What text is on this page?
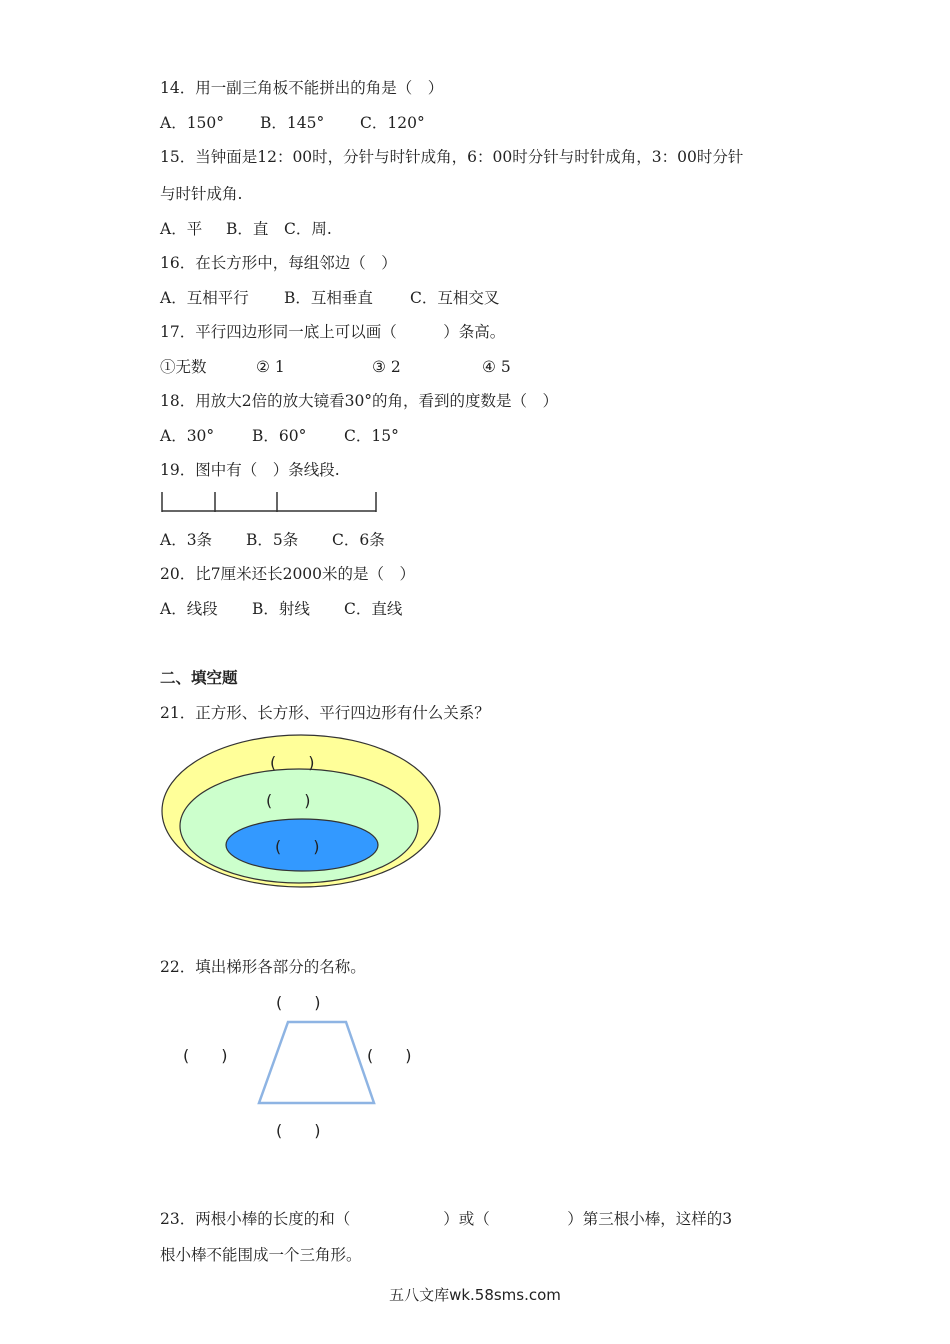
14．用一副三角板不能拼出的角是（　）
A．150° B．145° C．120°
15．当钟面是12：00时，分针与时针成角，6：00时分针与时针成角，3：00时分针
与时针成角.
A．平 B．直 C．周.
16．在长方形中，每组邻边（　）
A．互相平行 B．互相垂直 C．互相交叉
17．平行四边形同一底上可以画（　　　）条高。
①无数	② 1	③ 2	④ 5
18．用放大2倍的放大镜看30°的角，看到的度数是（　）
A．30° B．60° C．15°
19．图中有（　）条线段.
A．3条 B．5条 C．6条
20．比7厘米还长2000米的是（　）
A．线段 B．射线 C．直线
二、填空题
21．正方形、长方形、平行四边形有什么关系？
(　　)
(　　)
(　　)
22．填出梯形各部分的名称。
(　　)
(　　)	(　　)
(　　)
23．两根小棒的长度的和（　　　　　　）或（　　　　　）第三根小棒，这样的3
根小棒不能围成一个三角形。
五八文库wk.58sms.com
